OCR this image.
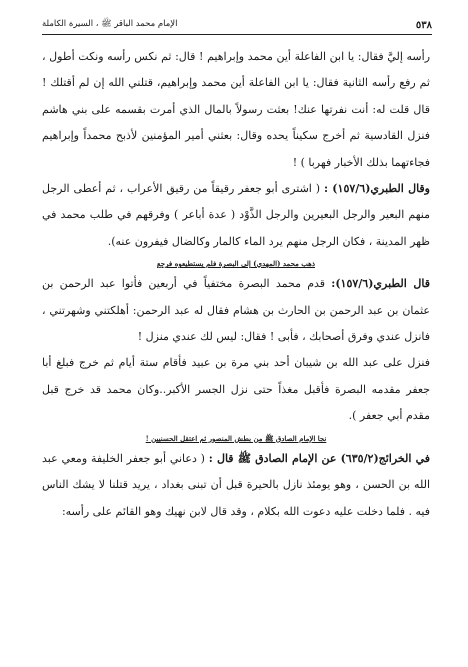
٥٣٨
الإمام محمد الباقر ﷺ ، السيرة الكاملة

رأسه إليَّ فقال: يا ابن الفاعلة أين محمد وإبراهيم ! قال: ثم نكس رأسه ونكت أطول ، ثم رفع رأسه الثانية فقال: يا ابن الفاعلة أين محمد وإبراهيم، قتلني الله إن لم أقتلك ! قال قلت له: أنت نفرتها عنك! بعثت رسولاً بالمال الذي أمرت بقسمه على بني هاشم فنزل القادسية ثم أخرج سكيناً يحده وقال: بعثني أمير المؤمنين لأذبح محمداً وإبراهيم فجاءتهما بذلك الأخبار فهربا ) !

وقال الطبري(١٥٧/٦) : ( اشترى أبو جعفر رقيقاً من رقيق الأعراب ، ثم أعطى الرجل منهم البعير والرجل البعيرين والرجل الذَّوْد ( عدة أباعر ) وفرقهم في طلب محمد في ظهر المدينة ، فكان الرجل منهم يرد الماء كالمار وكالضال فيفرون عنه).

ذهب محمد (المهدي) إلى البصرة فلم يستطيعوه فرجع

قال الطبري(١٥٧/٦): قدم محمد البصرة مختفياً في أربعين فأتوا عبد الرحمن بن عثمان بن عبد الرحمن بن الحارث بن هشام فقال له عبد الرحمن: أهلكتني وشهرتني ، فانزل عندي وفرق أصحابك ، فأبى ! فقال: ليس لك عندي منزل !

فنزل على عبد الله بن شيبان أحد بني مرة بن عبيد فأقام ستة أيام ثم خرج فبلغ أبا جعفر مقدمه البصرة فأقبل مغذاً حتى نزل الجسر الأكبر..وكان محمد قد خرج قبل مقدم أبي جعفر ).

نجا الإمام الصادق ﷺ من بطش المنصور ثم اعتقل الحسنيين !

في الخرائج(٦٣٥/٢) عن الإمام الصادق ﷺ قال : ( دعاني أبو جعفر الخليفة ومعي عبد الله بن الحسن ، وهو يومئذ نازل بالحيرة قبل أن تبنى بغداد ، يريد قتلنا لا يشك الناس فيه . فلما دخلت عليه دعوت الله بكلام ، وقد قال لابن نهيك وهو القائم على رأسه:
